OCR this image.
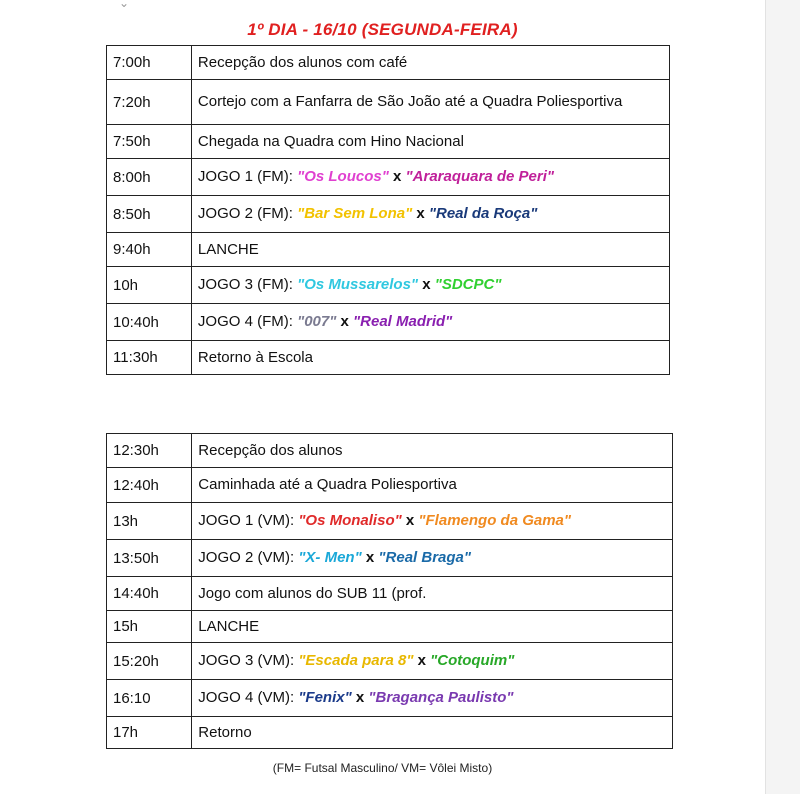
⌄
1º DIA - 16/10 (SEGUNDA-FEIRA)
7:00h	Recepção dos alunos com café
7:20h	Cortejo com a Fanfarra de São João até a Quadra Poliesportiva
7:50h	Chegada na Quadra com Hino Nacional
8:00h	JOGO 1 (FM): "Os Loucos" x "Araraquara de Peri"
8:50h	JOGO 2 (FM): "Bar Sem Lona" x "Real da Roça"
9:40h	LANCHE
10h	JOGO 3 (FM): "Os Mussarelos" x "SDCPC"
10:40h	JOGO 4 (FM): "007" x "Real Madrid"
11:30h	Retorno à Escola
12:30h	Recepção dos alunos
12:40h	Caminhada até a Quadra Poliesportiva
13h	JOGO 1 (VM): "Os Monaliso" x "Flamengo da Gama"
13:50h	JOGO 2 (VM): "X- Men" x "Real Braga"
14:40h	Jogo com alunos do SUB 11 (prof.
15h	LANCHE
15:20h	JOGO 3 (VM): "Escada para 8" x "Cotoquim"
16:10	JOGO 4 (VM): "Fenix" x "Bragança Paulisto"
17h	Retorno
(FM= Futsal Masculino/ VM= Vôlei Misto)
